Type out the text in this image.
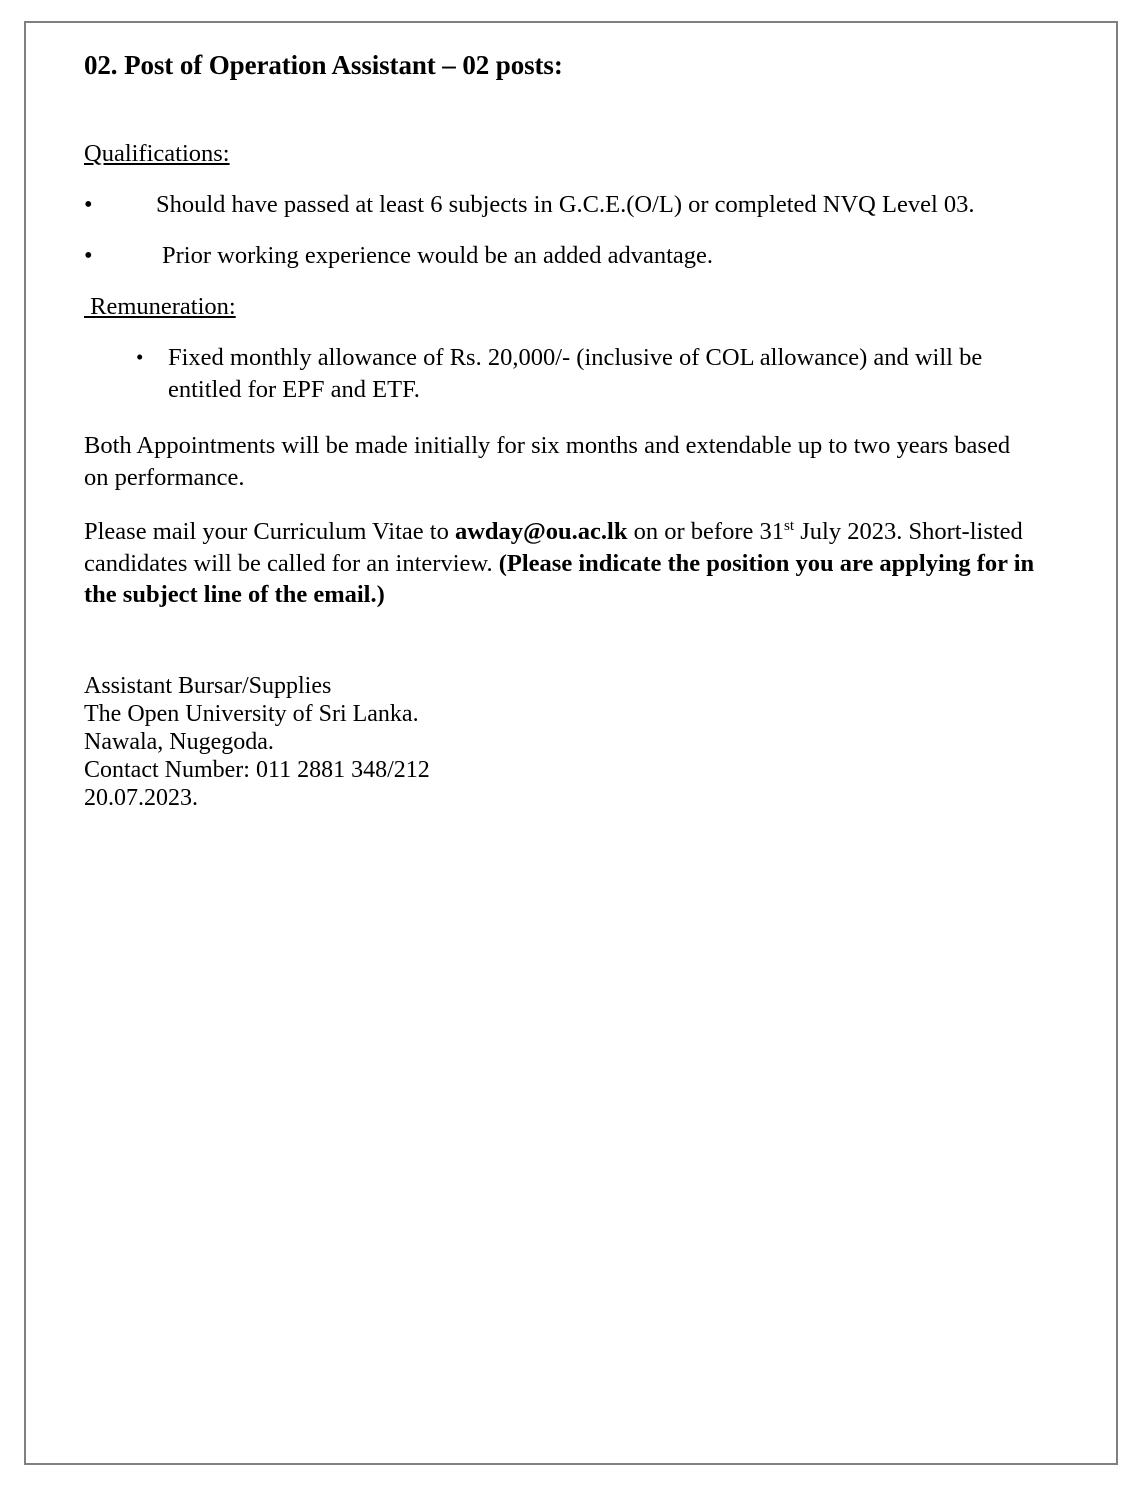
02. Post of Operation Assistant – 02 posts:
Qualifications:
•	Should have passed at least 6 subjects in G.C.E.(O/L) or completed NVQ Level 03.
•	Prior working experience would be an added advantage.
Remuneration:
• Fixed monthly allowance of Rs. 20,000/- (inclusive of COL allowance) and will be entitled for EPF and ETF.

Both Appointments will be made initially for six months and extendable up to two years based on performance.

Please mail your Curriculum Vitae to awday@ou.ac.lk on or before 31st July 2023. Short-listed candidates will be called for an interview. (Please indicate the position you are applying for in the subject line of the email.)

Assistant Bursar/Supplies
The Open University of Sri Lanka.
Nawala, Nugegoda.
Contact Number: 011 2881 348/212
20.07.2023.
